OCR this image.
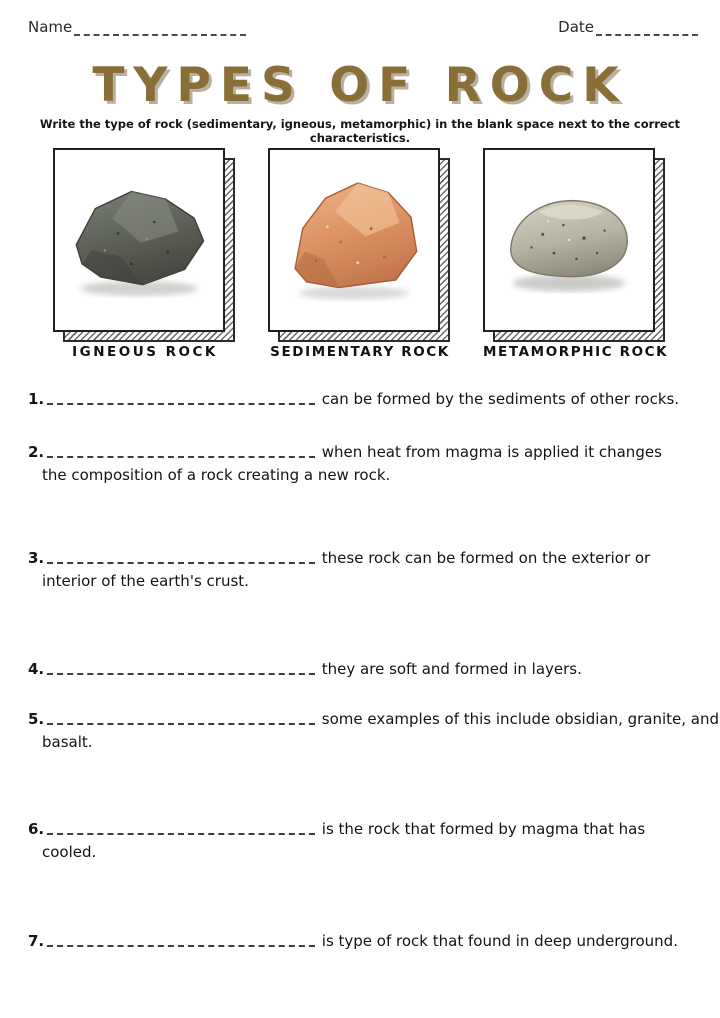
Name	Date
TYPES OF ROCK

Write the type of rock (sedimentary, igneous, metamorphic) in the blank space next to the correct characteristics.

IGNEOUS ROCK	SEDIMENTARY ROCK METAMORPHIC ROCK
1.	can be formed by the sediments of other rocks.
2.	when heat from magma is applied it changes the composition of a rock creating a new rock.
3.	these rock can be formed on the exterior or interior of the earth's crust.
4.	they are soft and formed in layers.
5.	some examples of this include obsidian, granite, and basalt.
6.	is the rock that formed by magma that has cooled.
7.	is type of rock that found in deep underground.
